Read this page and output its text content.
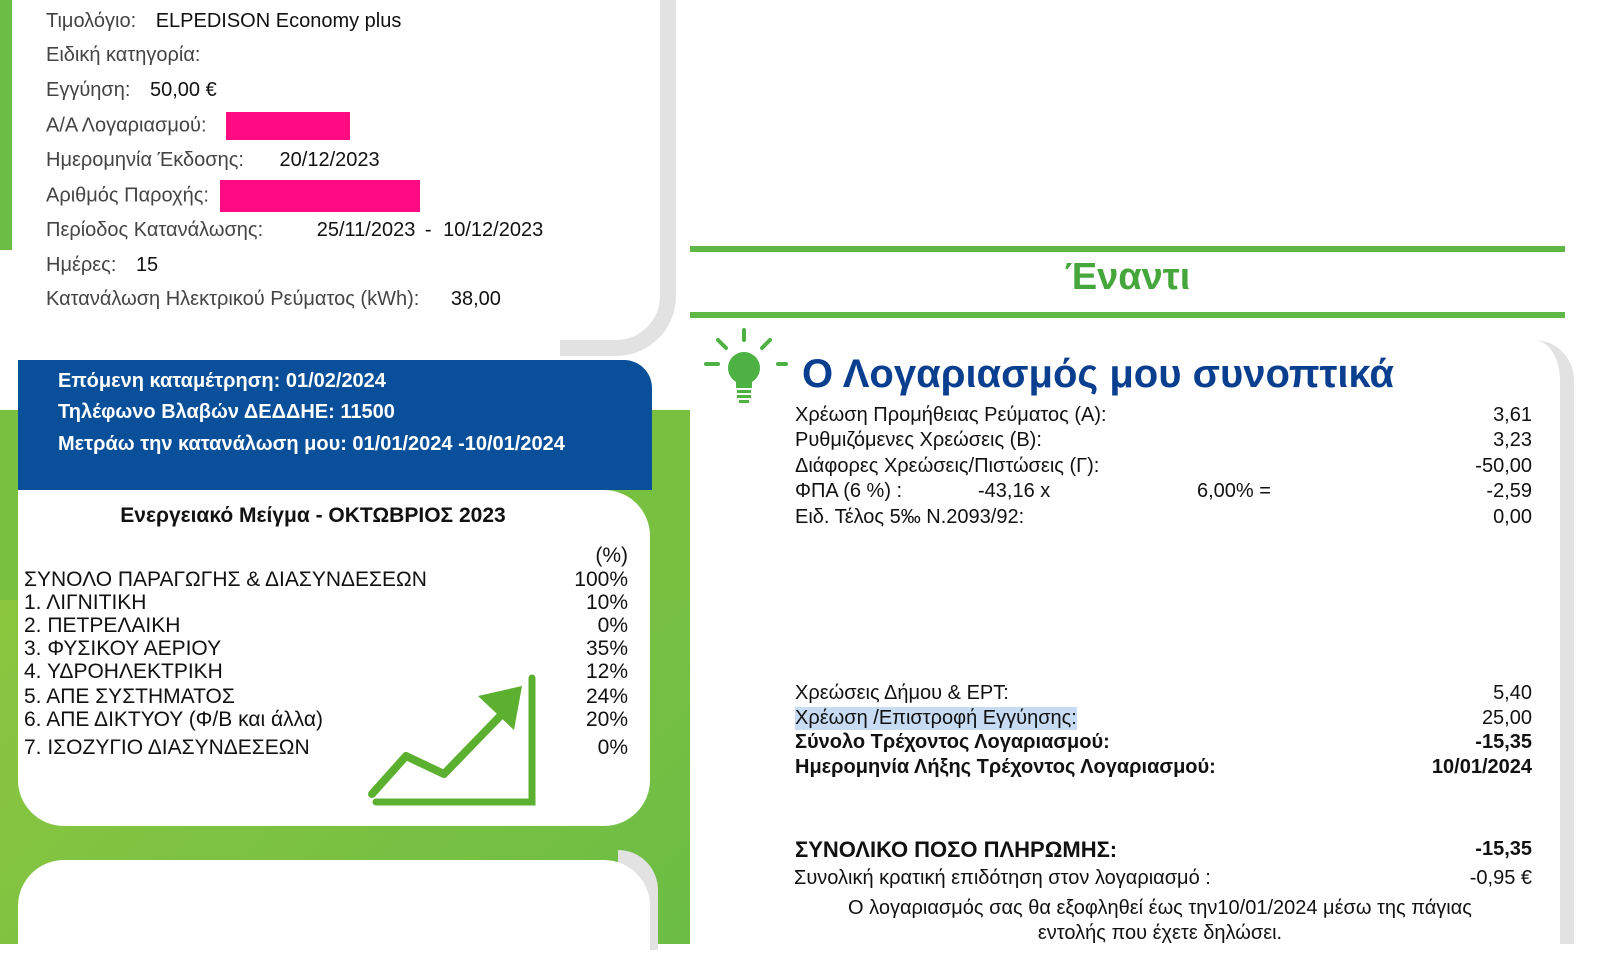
Τιμολόγιο: ELPEDISON Economy plus
Ειδική κατηγορία:
Εγγύηση: 50,00 €
Α/Α Λογαριασμού:
Ημερομηνία Έκδοσης: 20/12/2023
Αριθμός Παροχής:
Περίοδος Κατανάλωσης:	25/11/2023 - 10/12/2023
Ημέρες: 15
Κατανάλωση Ηλεκτρικού Ρεύματος (kWh): 38,00
Επόμενη καταμέτρηση: 01/02/2024
Τηλέφωνο Βλαβών ΔΕΔΔΗΕ: 11500
Μετράω την κατανάλωση μου: 01/01/2024 -10/01/2024
Ενεργειακό Μείγμα - ΟΚΤΩΒΡΙΟΣ 2023
(%)
ΣΥΝΟΛΟ ΠΑΡΑΓΩΓΗΣ & ΔΙΑΣΥΝΔΕΣΕΩΝ	100%
1. ΛΙΓΝΙΤΙΚΗ	10%
2. ΠΕΤΡΕΛΑΙΚΗ	0%
3. ΦΥΣΙΚΟΥ ΑΕΡΙΟΥ	35%
4. ΥΔΡΟΗΛΕΚΤΡΙΚΗ	12%
5. ΑΠΕ ΣΥΣΤΗΜΑΤΟΣ	24%
6. ΑΠΕ ΔΙΚΤΥΟΥ (Φ/Β και άλλα)	20%
7. ΙΣΟΖΥΓΙΟ ΔΙΑΣΥΝΔΕΣΕΩΝ	0%
Έναντι
Ο Λογαριασμός μου συνοπτικά
Χρέωση Προμήθειας Ρεύματος (Α):	3,61
Ρυθμιζόμενες Χρεώσεις (Β):	3,23
Διάφορες Χρεώσεις/Πιστώσεις (Γ):	-50,00
ΦΠΑ (6 %) :	-43,16 x	6,00% =	-2,59
Ειδ. Τέλος 5‰ Ν.2093/92:	0,00
Χρεώσεις Δήμου & ΕΡΤ:	5,40
Χρέωση /Επιστροφή Εγγύησης:	25,00
Σύνολο Τρέχοντος Λογαριασμού:	-15,35
Ημερομηνία Λήξης Τρέχοντος Λογαριασμού:	10/01/2024
ΣΥΝΟΛΙΚΟ ΠΟΣΟ ΠΛΗΡΩΜΗΣ:	-15,35
Συνολική κρατική επιδότηση στον λογαριασμό :	-0,95 €
Ο λογαριασμός σας θα εξοφληθεί έως την10/01/2024 μέσω της πάγιας
εντολής που έχετε δηλώσει.
